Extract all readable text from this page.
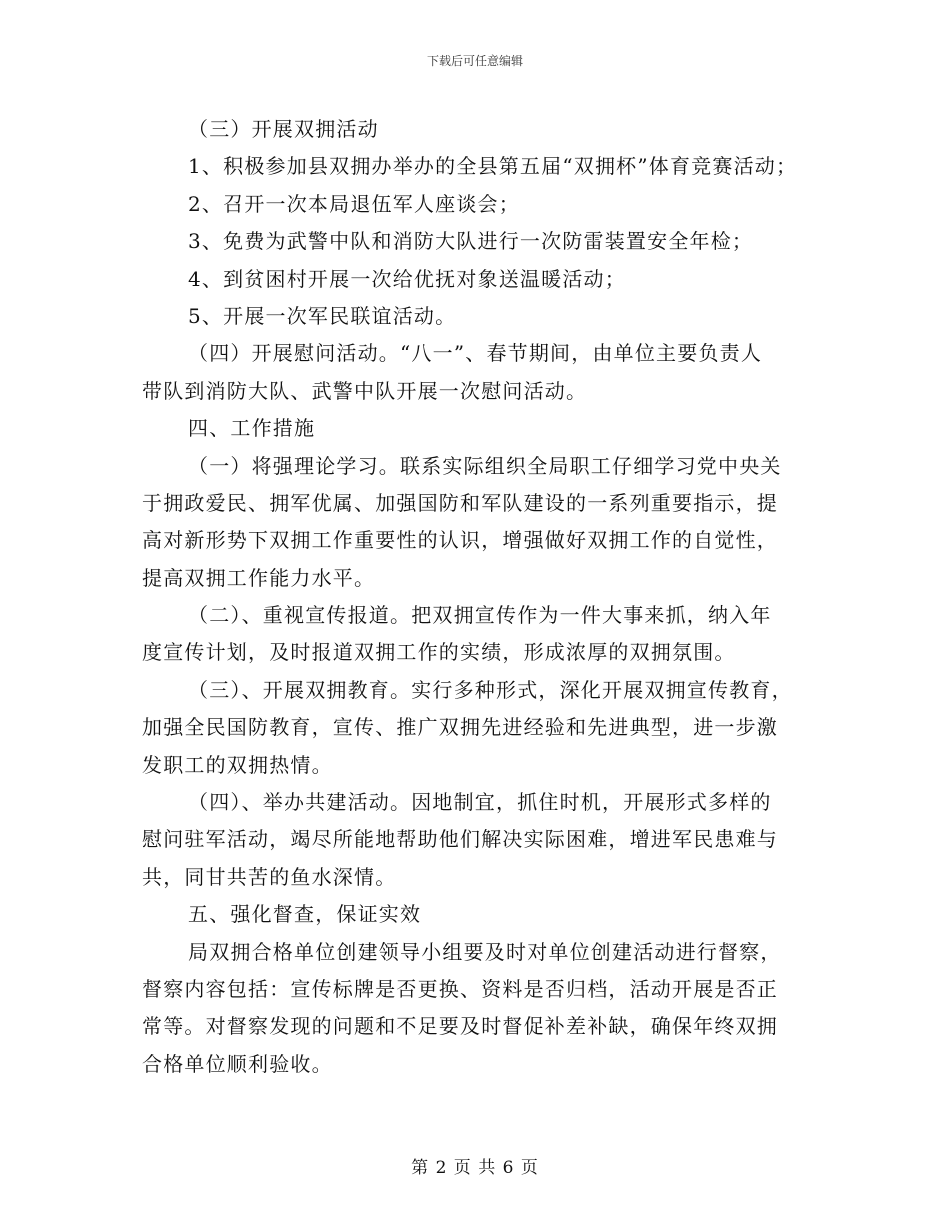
下载后可任意编辑
（三）开展双拥活动
1、积极参加县双拥办举办的全县第五届“双拥杯”体育竞赛活动；
2、召开一次本局退伍军人座谈会；
3、免费为武警中队和消防大队进行一次防雷装置安全年检；
4、到贫困村开展一次给优抚对象送温暖活动；
5、开展一次军民联谊活动。
（四）开展慰问活动。“八一”、春节期间，由单位主要负责人
带队到消防大队、武警中队开展一次慰问活动。
四、工作措施
（一）将强理论学习。联系实际组织全局职工仔细学习党中央关
于拥政爱民、拥军优属、加强国防和军队建设的一系列重要指示，提
高对新形势下双拥工作重要性的认识，增强做好双拥工作的自觉性，
提高双拥工作能力水平。
（二）、重视宣传报道。把双拥宣传作为一件大事来抓，纳入年
度宣传计划，及时报道双拥工作的实绩，形成浓厚的双拥氛围。
（三）、开展双拥教育。实行多种形式，深化开展双拥宣传教育，
加强全民国防教育，宣传、推广双拥先进经验和先进典型，进一步激
发职工的双拥热情。
（四）、举办共建活动。因地制宜，抓住时机，开展形式多样的
慰问驻军活动，竭尽所能地帮助他们解决实际困难，增进军民患难与
共，同甘共苦的鱼水深情。
五、强化督查，保证实效
局双拥合格单位创建领导小组要及时对单位创建活动进行督察，
督察内容包括：宣传标牌是否更换、资料是否归档，活动开展是否正
常等。对督察发现的问题和不足要及时督促补差补缺，确保年终双拥
合格单位顺利验收。
第 2 页 共 6 页
